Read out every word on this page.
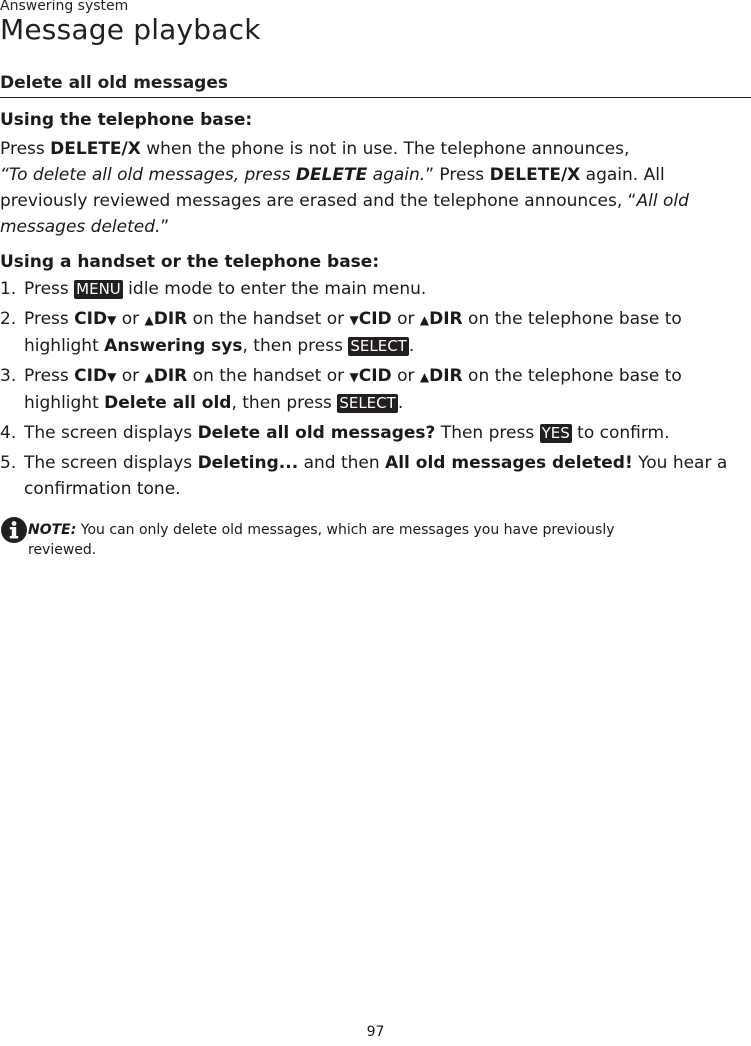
Answering system
Message playback
Delete all old messages
Using the telephone base:

Press DELETE/X when the phone is not in use. The telephone announces,
“To delete all old messages, press DELETE again.” Press DELETE/X again. All previously reviewed messages are erased and the telephone announces, “All old messages deleted.”

Using a handset or the telephone base:
1. Press MENU idle mode to enter the main menu.
2. Press CID▼ or ▲DIR on the handset or ▼CID or ▲DIR on the telephone base to highlight Answering sys, then press SELECT .
3. Press CID▼ or ▲DIR on the handset or ▼CID or ▲DIR on the telephone base to highlight Delete all old, then press SELECT .
4. The screen displays Delete all old messages? Then press YES to confirm.
5. The screen displays Deleting... and then All old messages deleted! You hear a confirmation tone.
NOTE: You can only delete old messages, which are messages you have previously reviewed.
97
